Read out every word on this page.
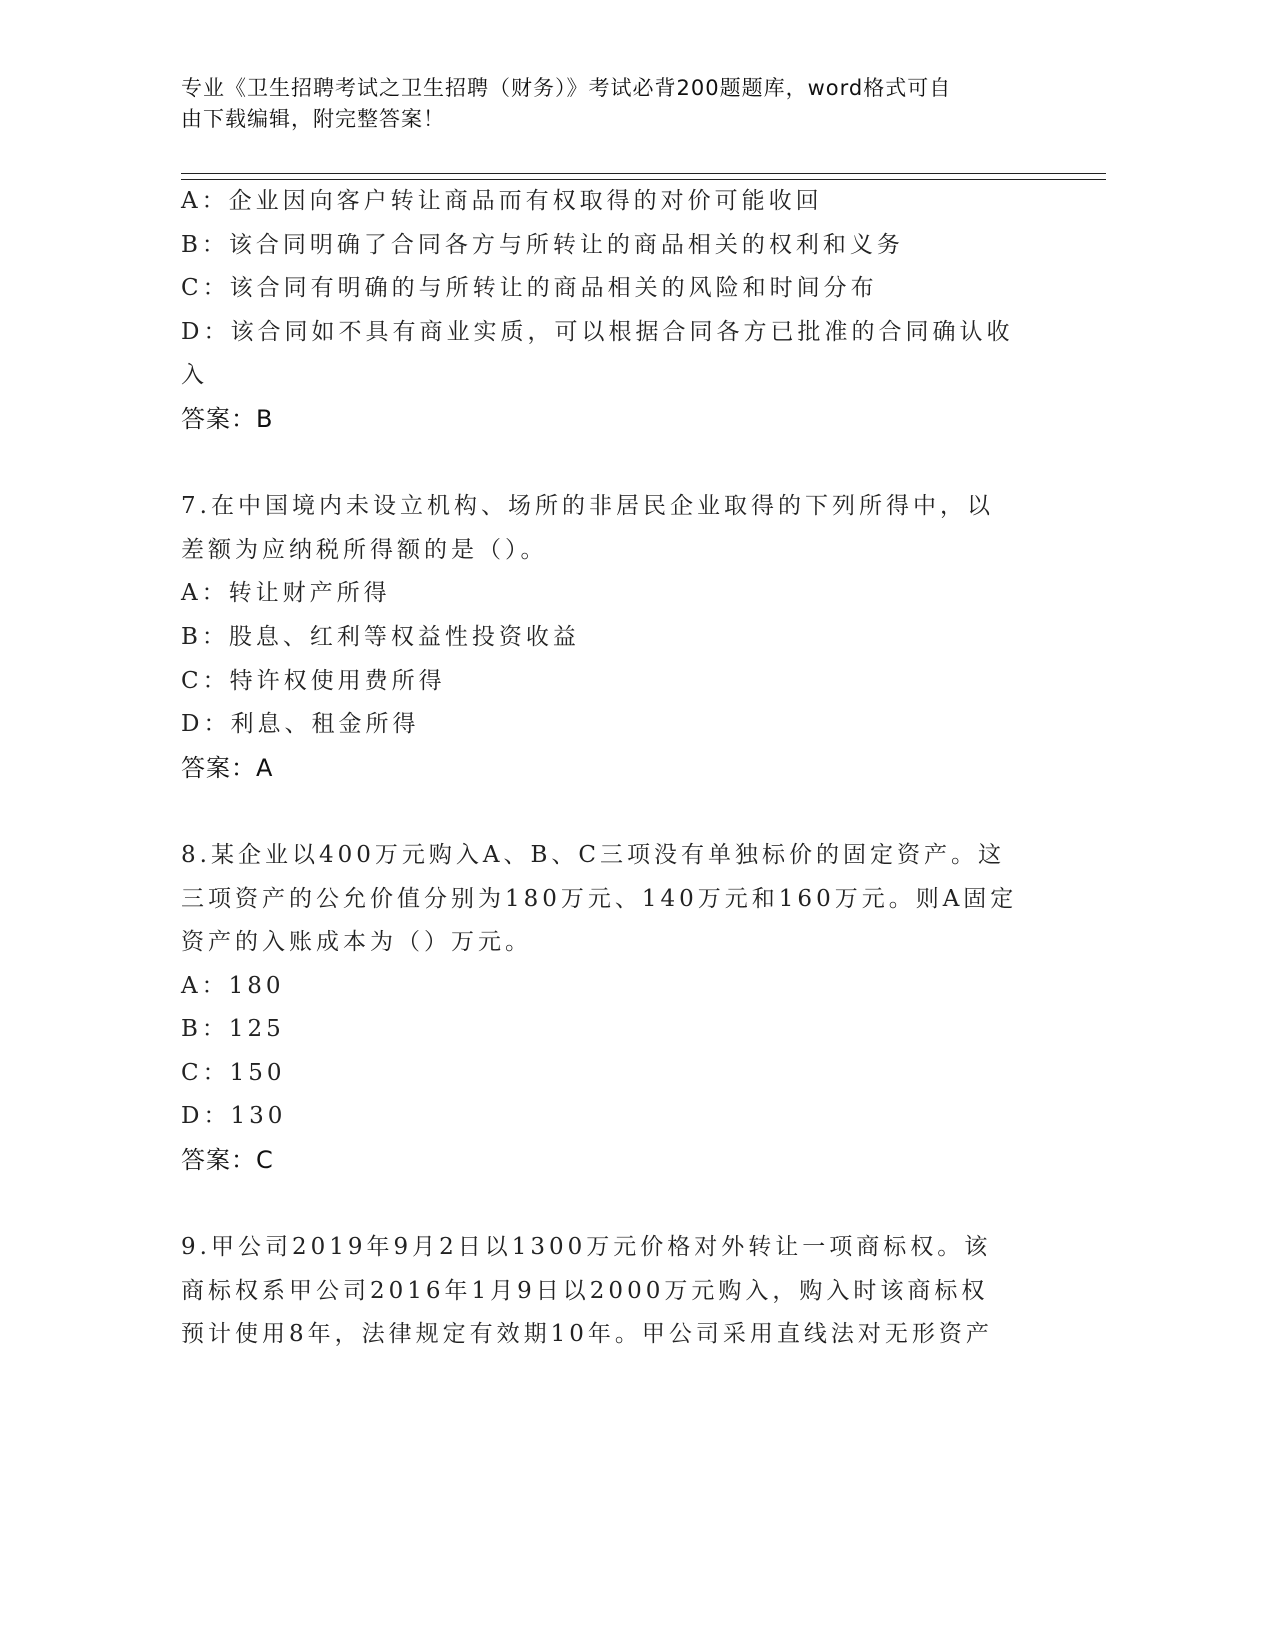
专业《卫生招聘考试之卫生招聘（财务）》考试必背200题题库，word格式可自
由下载编辑，附完整答案！
A：企业因向客户转让商品而有权取得的对价可能收回
B：该合同明确了合同各方与所转让的商品相关的权利和义务
C：该合同有明确的与所转让的商品相关的风险和时间分布
D：该合同如不具有商业实质，可以根据合同各方已批准的合同确认收
入
答案：B
7.在中国境内未设立机构、场所的非居民企业取得的下列所得中，以
差额为应纳税所得额的是（）。
A：转让财产所得
B：股息、红利等权益性投资收益
C：特许权使用费所得
D：利息、租金所得
答案：A
8.某企业以400万元购入A、B、C三项没有单独标价的固定资产。这
三项资产的公允价值分别为180万元、140万元和160万元。则A固定
资产的入账成本为（）万元。
A：180
B：125
C：150
D：130
答案：C
9.甲公司2019年9月2日以1300万元价格对外转让一项商标权。该
商标权系甲公司2016年1月9日以2000万元购入，购入时该商标权
预计使用8年，法律规定有效期10年。甲公司采用直线法对无形资产
